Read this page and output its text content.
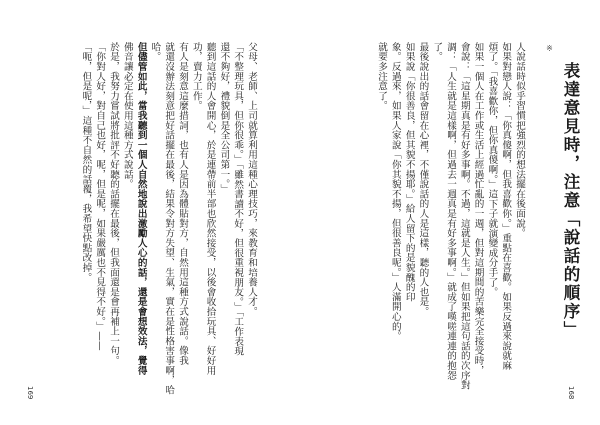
※
表達意見時，注意「說話的順序」

人說話時似乎習慣把強烈的想法擺在後面說。

如果對戀人說：「你真傻啊，但我喜歡你。」重點在喜歡。如果反過來說就麻

煩了。「我喜歡你，但你真傻啊。」這下子就演變成分手了。

如果一個人在工作或生活上經過忙亂的一週，但對這期間的苦樂完全接受時，

會說：「這星期真是有好多事啊。不過，這就是人生。」但如果把這句話的次序對

調：「人生就是這樣啊，但過去一週真是有好多事啊。」就成了嘆嗟連連的抱怨

了。

最後說出的話會留在心裡，不僅說話的人是這樣，聽的人也是。

如果說「你很善良，但其貌不揚耶。」給人留下的是貌醜的印

象。反過來，如果人家說「你其貌不揚，但很善良呢。」人滿開心的。

就要多注意了。

168

父母、老師、上司就算利用這種心理技巧，來教育和培養人才。

「不整理玩具，但你很乖。」「雖然書讀不好，但很重視朋友。」「工作表現

還不夠好，禮貌倒是全公司第一。」

聽到這話的人會開心，於是連帶前半部也欣然接受，以後會收拾玩具、好好用

功，賣力工作。

有人是刻意這麼措詞，也有人是因為體貼對方，自然用這種方式說話。像我

就還沒辦法刻意把好話擺在最後，結果令對方失望、生氣，實在是性格害事啊，哈

哈。

但儘管如此，當我聽到一個人自然地說出激勵人心的話，還是會想效法，覺得

佛音讓必定在使用這種方式說話。

於是，我努力嘗試將批評不好聽的話擺在最後，但我面還是會再補上一句。

「你對人好，對自己也好，呢，但是呢，如果嚴厲也不見得不好。」——

「呃，但是呢，」這種不自然的話覆，我希望快點改掉。

169
